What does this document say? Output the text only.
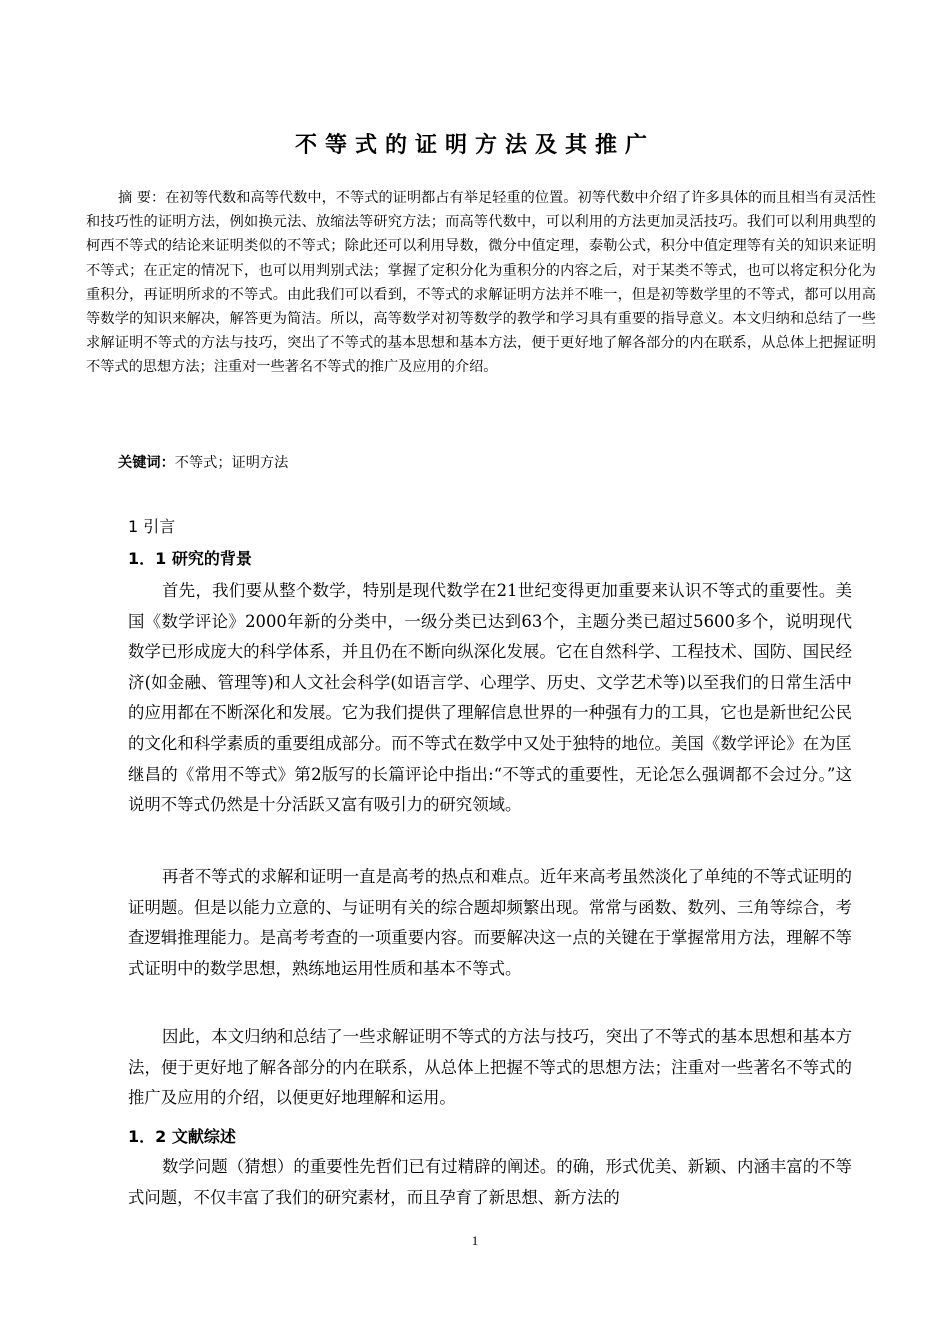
不等式的证明方法及其推广

摘 要：在初等代数和高等代数中，不等式的证明都占有举足轻重的位置。初等代数中介绍了许多具体的而且相当有灵活性和技巧性的证明方法，例如换元法、放缩法等研究方法；而高等代数中，可以利用的方法更加灵活技巧。我们可以利用典型的柯西不等式的结论来证明类似的不等式；除此还可以利用导数，微分中值定理，泰勒公式，积分中值定理等有关的知识来证明不等式；在正定的情况下，也可以用判别式法；掌握了定积分化为重积分的内容之后，对于某类不等式，也可以将定积分化为重积分，再证明所求的不等式。由此我们可以看到，不等式的求解证明方法并不唯一，但是初等数学里的不等式，都可以用高等数学的知识来解决，解答更为简洁。所以，高等数学对初等数学的教学和学习具有重要的指导意义。本文归纳和总结了一些求解证明不等式的方法与技巧，突出了不等式的基本思想和基本方法，便于更好地了解各部分的内在联系，从总体上把握证明不等式的思想方法；注重对一些著名不等式的推广及应用的介绍。

关键词：不等式；证明方法
1 引言
1．1 研究的背景

首先，我们要从整个数学，特别是现代数学在21世纪变得更加重要来认识不等式的重要性。美国《数学评论》2000年新的分类中，一级分类已达到63个，主题分类已超过5600多个，说明现代数学已形成庞大的科学体系，并且仍在不断向纵深化发展。它在自然科学、工程技术、国防、国民经济(如金融、管理等)和人文社会科学(如语言学、心理学、历史、文学艺术等)以至我们的日常生活中的应用都在不断深化和发展。它为我们提供了理解信息世界的一种强有力的工具，它也是新世纪公民的文化和科学素质的重要组成部分。而不等式在数学中又处于独特的地位。美国《数学评论》在为匡继昌的《常用不等式》第2版写的长篇评论中指出:“不等式的重要性，无论怎么强调都不会过分。”这说明不等式仍然是十分活跃又富有吸引力的研究领域。

再者不等式的求解和证明一直是高考的热点和难点。近年来高考虽然淡化了单纯的不等式证明的证明题。但是以能力立意的、与证明有关的综合题却频繁出现。常常与函数、数列、三角等综合，考查逻辑推理能力。是高考考查的一项重要内容。而要解决这一点的关键在于掌握常用方法，理解不等式证明中的数学思想，熟练地运用性质和基本不等式。

因此，本文归纳和总结了一些求解证明不等式的方法与技巧，突出了不等式的基本思想和基本方法，便于更好地了解各部分的内在联系，从总体上把握不等式的思想方法；注重对一些著名不等式的推广及应用的介绍，以便更好地理解和运用。

1．2 文献综述

数学问题（猜想）的重要性先哲们已有过精辟的阐述。的确，形式优美、新颖、内涵丰富的不等式问题，不仅丰富了我们的研究素材，而且孕育了新思想、新方法的

1
